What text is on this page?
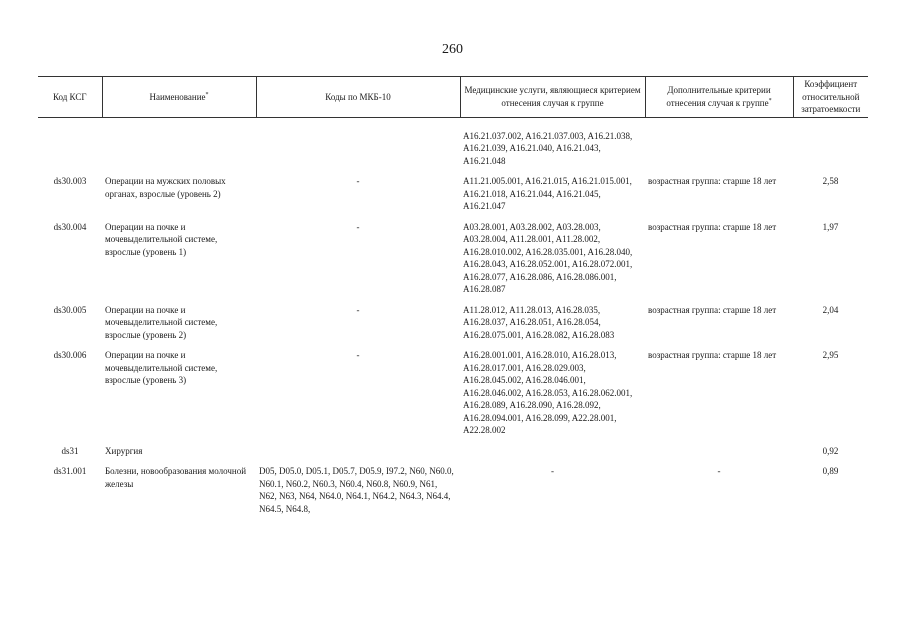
260
Код КСГ	Наименование*	Коды по МКБ-10	Медицинские услуги, являющиеся критерием отнесения случая к группе	Дополнительные критерии отнесения случая к группе*	Коэффициент относительной затратоемкости
			A16.21.037.002, A16.21.037.003, A16.21.038, A16.21.039, A16.21.040, A16.21.043, A16.21.048		
ds30.003	Операции на мужских половых органах, взрослые (уровень 2)	-	A11.21.005.001, A16.21.015, A16.21.015.001, A16.21.018, A16.21.044, A16.21.045, A16.21.047	возрастная группа: старше 18 лет	2,58
ds30.004	Операции на почке и мочевыделительной системе, взрослые (уровень 1)	-	A03.28.001, A03.28.002, A03.28.003, A03.28.004, A11.28.001, A11.28.002, A16.28.010.002, A16.28.035.001, A16.28.040, A16.28.043, A16.28.052.001, A16.28.072.001, A16.28.077, A16.28.086, A16.28.086.001, A16.28.087	возрастная группа: старше 18 лет	1,97
ds30.005	Операции на почке и мочевыделительной системе, взрослые (уровень 2)	-	A11.28.012, A11.28.013, A16.28.035, A16.28.037, A16.28.051, A16.28.054, A16.28.075.001, A16.28.082, A16.28.083	возрастная группа: старше 18 лет	2,04
ds30.006	Операции на почке и мочевыделительной системе, взрослые (уровень 3)	-	A16.28.001.001, A16.28.010, A16.28.013, A16.28.017.001, A16.28.029.003, A16.28.045.002, A16.28.046.001, A16.28.046.002, A16.28.053, A16.28.062.001, A16.28.089, A16.28.090, A16.28.092, A16.28.094.001, A16.28.099, A22.28.001, A22.28.002	возрастная группа: старше 18 лет	2,95
ds31	Хирургия				0,92
ds31.001	Болезни, новообразования молочной железы	D05, D05.0, D05.1, D05.7, D05.9, I97.2, N60, N60.0, N60.1, N60.2, N60.3, N60.4, N60.8, N60.9, N61, N62, N63, N64, N64.0, N64.1, N64.2, N64.3, N64.4, N64.5, N64.8,	-	-	0,89
